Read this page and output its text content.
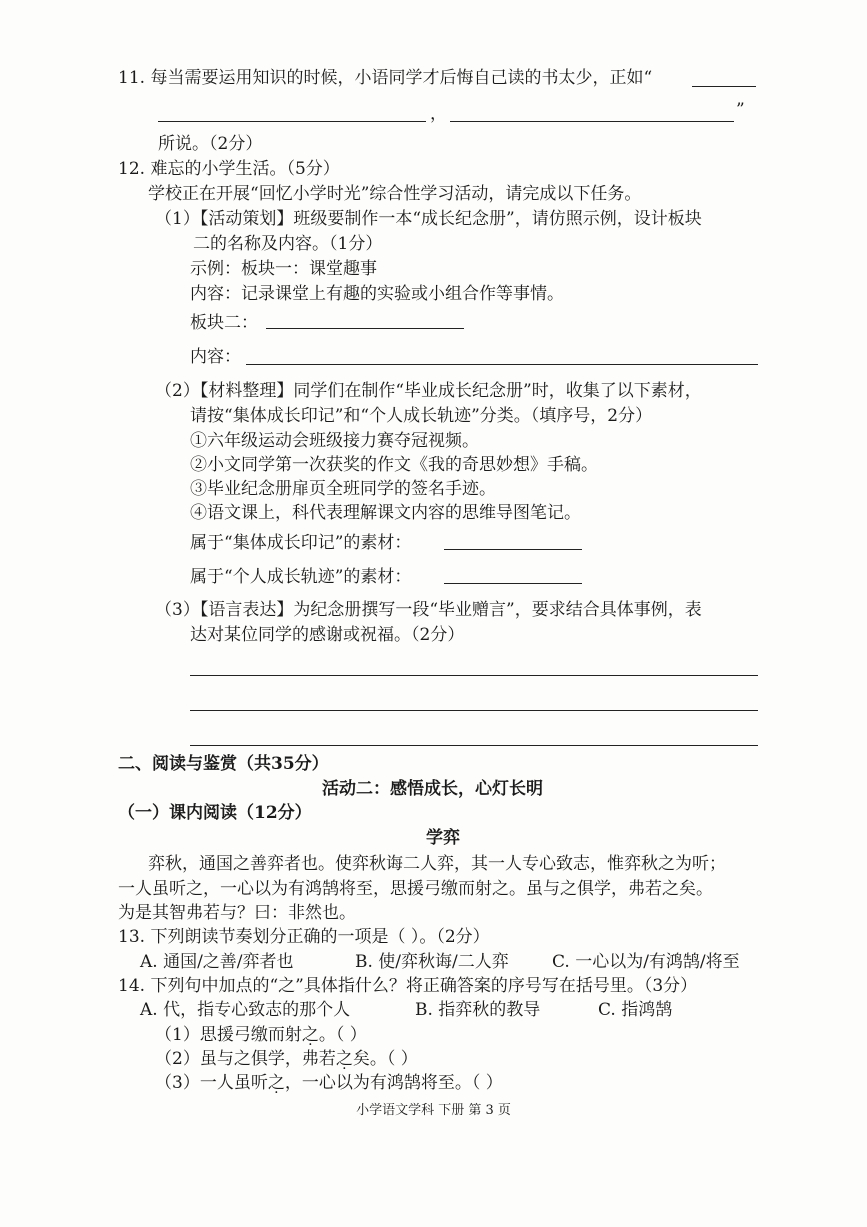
11. 每当需要运用知识的时候，小语同学才后悔自己读的书太少，正如“
，	”
所说。（2分）
12. 难忘的小学生活。（5分）
学校正在开展“回忆小学时光”综合性学习活动，请完成以下任务。
（1）【活动策划】班级要制作一本“成长纪念册”，请仿照示例，设计板块
二的名称及内容。（1分）
示例：板块一：课堂趣事
内容：记录课堂上有趣的实验或小组合作等事情。
板块二：
内容：
（2）【材料整理】同学们在制作“毕业成长纪念册”时，收集了以下素材，
请按“集体成长印记”和“个人成长轨迹”分类。（填序号，2分）
①六年级运动会班级接力赛夺冠视频。
②小文同学第一次获奖的作文《我的奇思妙想》手稿。
③毕业纪念册扉页全班同学的签名手迹。
④语文课上，科代表理解课文内容的思维导图笔记。
属于“集体成长印记”的素材：
属于“个人成长轨迹”的素材：
（3）【语言表达】为纪念册撰写一段“毕业赠言”，要求结合具体事例，表
达对某位同学的感谢或祝福。（2分）
二、阅读与鉴赏（共35分）
活动二：感悟成长，心灯长明
（一）课内阅读（12分）
学弈
弈秋，通国之善弈者也。使弈秋诲二人弈，其一人专心致志，惟弈秋之为听；
一人虽听之，一心以为有鸿鹄将至，思援弓缴而射之。虽与之俱学，弗若之矣。
为是其智弗若与？曰：非然也。
13. 下列朗读节奏划分正确的一项是（ ）。（2分）
A. 通国/之善/弈者也	B. 使/弈秋诲/二人弈	C. 一心以为/有鸿鹄/将至
14. 下列句中加点的“之”具体指什么？将正确答案的序号写在括号里。（3分）
A. 代，指专心致志的那个人	B. 指弈秋的教导	C. 指鸿鹄
（1）思援弓缴而射之。（ ）
（2）虽与之俱学，弗若之矣。（ ）
（3）一人虽听之，一心以为有鸿鹄将至。（ ）
小学语文学科 下册 第 3 页
